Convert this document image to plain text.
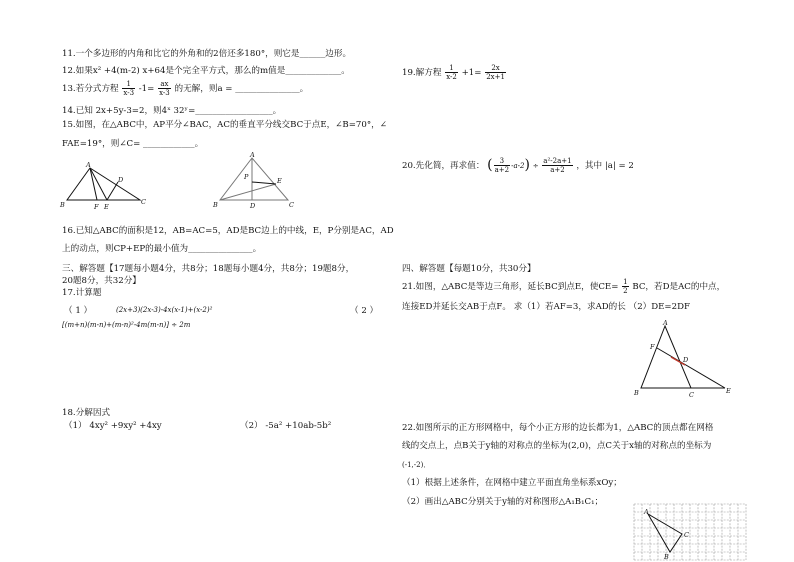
11.一个多边形的内角和比它的外角和的2倍还多180°，则它是______边形。
12.如果x² +4(m-2) x+64是个完全平方式，那么的m值是_____________。
13.若分式方程 $\frac{1}{x-3} -1= \frac{ax}{x-3}$ 的无解，则a = _______________。
14.已知 2x+5y-3=2，则4ˣ 32ʸ=__________________。
15.如图，在△ABC中，AP平分∠BAC，AC的垂直平分线交BC于点E，∠B=70°，∠
FAE=19°，则∠C= ____________。
A
D
B	F E
C
A
P	E
B	D	C
16.已知△ABC的面积是12，AB=AC=5，AD是BC边上的中线，E，P分别是AC，AD
上的动点，则CP+EP的最小值为_______________。
三、解答题【17题每小题4分，共8分；18题每小题4分，共8分；19题8分，
20题8分，共32分】
17.计算题
（ 1 ）	(2x+3)(2x-3)-4x(x-1)+(x-2)²	（ 2 ）
[(m+n)(m-n)+(m-n)²-4m(m-n)] ÷ 2m
18.分解因式
（1） 4xy² +9xy² +4xy	（2） -5a² +10ab-5b²
19.解方程 $\frac{1}{x-2} +1= \frac{2x}{2x+1}$
20.先化简，再求值： ( $\frac{3}{a+2} -a-2) \div \frac{\text{a²-2a+1}}{a+2}$ ，其中 |a| = 2
四、解答题【每题10分，共30分】
21.如图，△ABC是等边三角形，延长BC到点E，使$CE= \frac{1}{2}$ BC，若D是AC的中点，
连接ED并延长交AB于点F。 求（1）若AF=3，求AD的长 （2）DE=2DF
A
F
D
B	C	E
22.如图所示的正方形网格中，每个小正方形的边长都为1，△ABC的顶点都在网格
线的交点上，点B关于y轴的对称点的坐标为(2,0)，点C关于x轴的对称点的坐标为
(-1,-2)．
（1）根据上述条件，在网格中建立平面直角坐标系xOy；
（2）画出△ABC分别关于y轴的对称图形△A₁B₁C₁；
A
B
C
